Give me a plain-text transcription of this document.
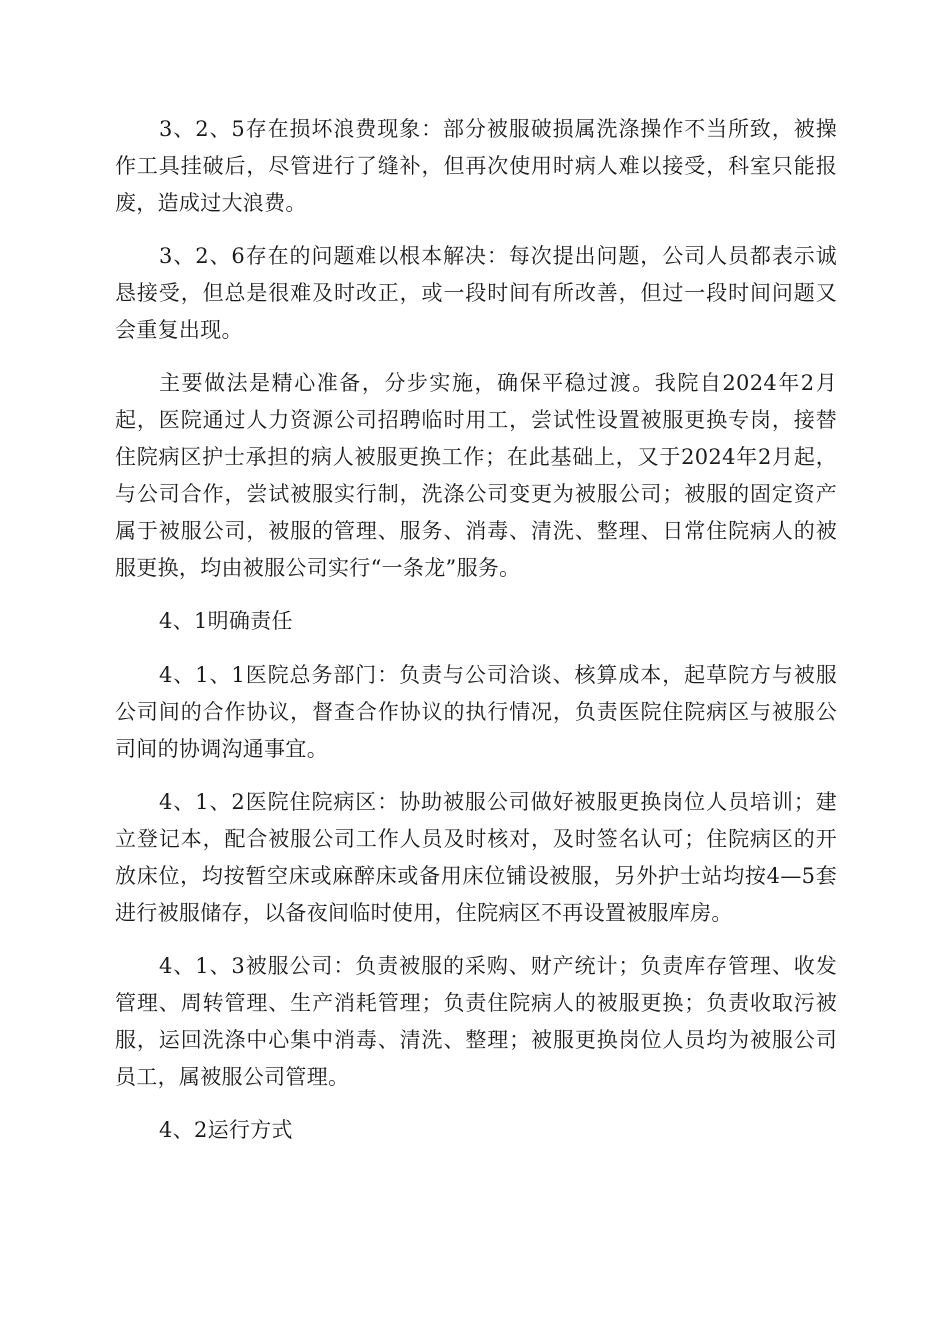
3、2、5存在损坏浪费现象：部分被服破损属洗涤操作不当所致，被操作工具挂破后，尽管进行了缝补，但再次使用时病人难以接受，科室只能报废，造成过大浪费。

3、2、6存在的问题难以根本解决：每次提出问题，公司人员都表示诚恳接受，但总是很难及时改正，或一段时间有所改善，但过一段时间问题又会重复出现。

主要做法是精心准备，分步实施，确保平稳过渡。我院自2024年2月起，医院通过人力资源公司招聘临时用工，尝试性设置被服更换专岗，接替住院病区护士承担的病人被服更换工作；在此基础上，又于2024年2月起，与公司合作，尝试被服实行制，洗涤公司变更为被服公司；被服的固定资产属于被服公司，被服的管理、服务、消毒、清洗、整理、日常住院病人的被服更换，均由被服公司实行“一条龙”服务。

4、1明确责任

4、1、1医院总务部门：负责与公司洽谈、核算成本，起草院方与被服公司间的合作协议，督查合作协议的执行情况，负责医院住院病区与被服公司间的协调沟通事宜。

4、1、2医院住院病区：协助被服公司做好被服更换岗位人员培训；建立登记本，配合被服公司工作人员及时核对，及时签名认可；住院病区的开放床位，均按暂空床或麻醉床或备用床位铺设被服，另外护士站均按4—5套进行被服储存，以备夜间临时使用，住院病区不再设置被服库房。

4、1、3被服公司：负责被服的采购、财产统计；负责库存管理、收发管理、周转管理、生产消耗管理；负责住院病人的被服更换；负责收取污被服，运回洗涤中心集中消毒、清洗、整理；被服更换岗位人员均为被服公司员工，属被服公司管理。

4、2运行方式
